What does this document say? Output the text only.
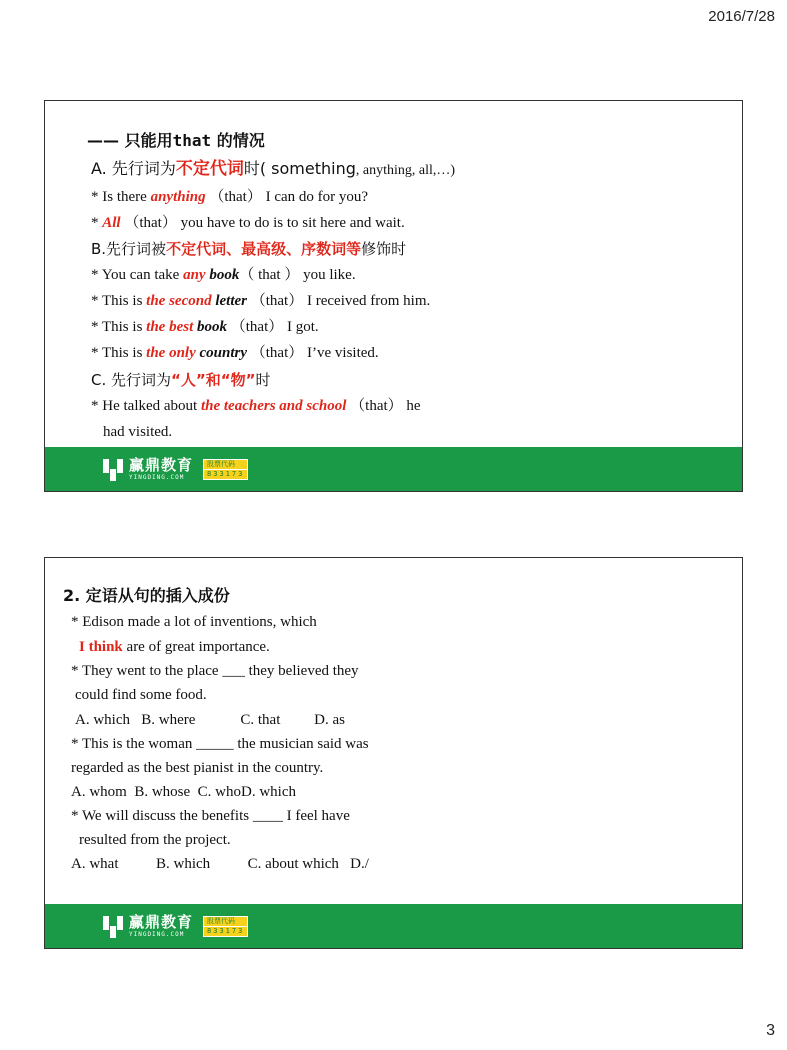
2016/7/28
—— 只能用that 的情况
A. 先行词为不定代词时( something, anything, all,…)
* Is there anything （that） I can do for you?
* All （that） you have to do is to sit here and wait.
B.先行词被不定代词、最高级、序数词等修饰时
* You can take any book（ that ） you like.
* This is the second letter （that） I received from him.
* This is the best book （that） I got.
* This is the only country （that） I’ve visited.
C. 先行词为“人”和“物”时
* He talked about the teachers and school （that） he
had visited.
赢鼎教育
YINGDING.COM
股票代码
833173
2. 定语从句的插入成份
* Edison made a lot of inventions, which
I think are of great importance.
* They went to the place ___ they believed they
could find some food.
A. which   B. where            C. that         D. as
* This is the woman _____ the musician said was
regarded as the best pianist in the country.
A. whom  B. whose  C. whoD. which
* We will discuss the benefits ____ I feel have
resulted from the project.
A. what          B. which          C. about which   D./
赢鼎教育
YINGDING.COM
股票代码
833173
3
